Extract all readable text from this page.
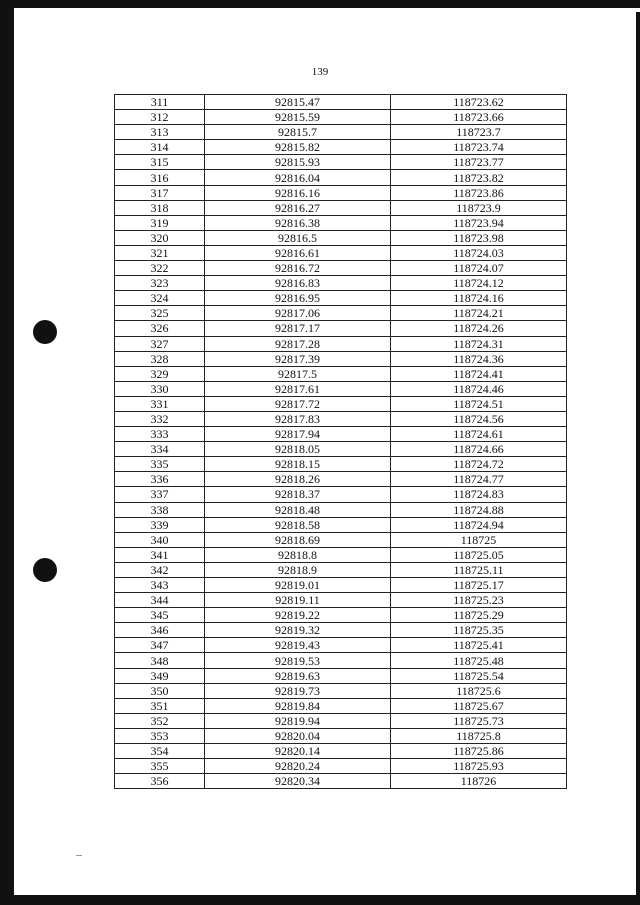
139
311	92815.47	118723.62
312	92815.59	118723.66
313	92815.7	118723.7
314	92815.82	118723.74
315	92815.93	118723.77
316	92816.04	118723.82
317	92816.16	118723.86
318	92816.27	118723.9
319	92816.38	118723.94
320	92816.5	118723.98
321	92816.61	118724.03
322	92816.72	118724.07
323	92816.83	118724.12
324	92816.95	118724.16
325	92817.06	118724.21
326	92817.17	118724.26
327	92817.28	118724.31
328	92817.39	118724.36
329	92817.5	118724.41
330	92817.61	118724.46
331	92817.72	118724.51
332	92817.83	118724.56
333	92817.94	118724.61
334	92818.05	118724.66
335	92818.15	118724.72
336	92818.26	118724.77
337	92818.37	118724.83
338	92818.48	118724.88
339	92818.58	118724.94
340	92818.69	118725
341	92818.8	118725.05
342	92818.9	118725.11
343	92819.01	118725.17
344	92819.11	118725.23
345	92819.22	118725.29
346	92819.32	118725.35
347	92819.43	118725.41
348	92819.53	118725.48
349	92819.63	118725.54
350	92819.73	118725.6
351	92819.84	118725.67
352	92819.94	118725.73
353	92820.04	118725.8
354	92820.14	118725.86
355	92820.24	118725.93
356	92820.34	118726
